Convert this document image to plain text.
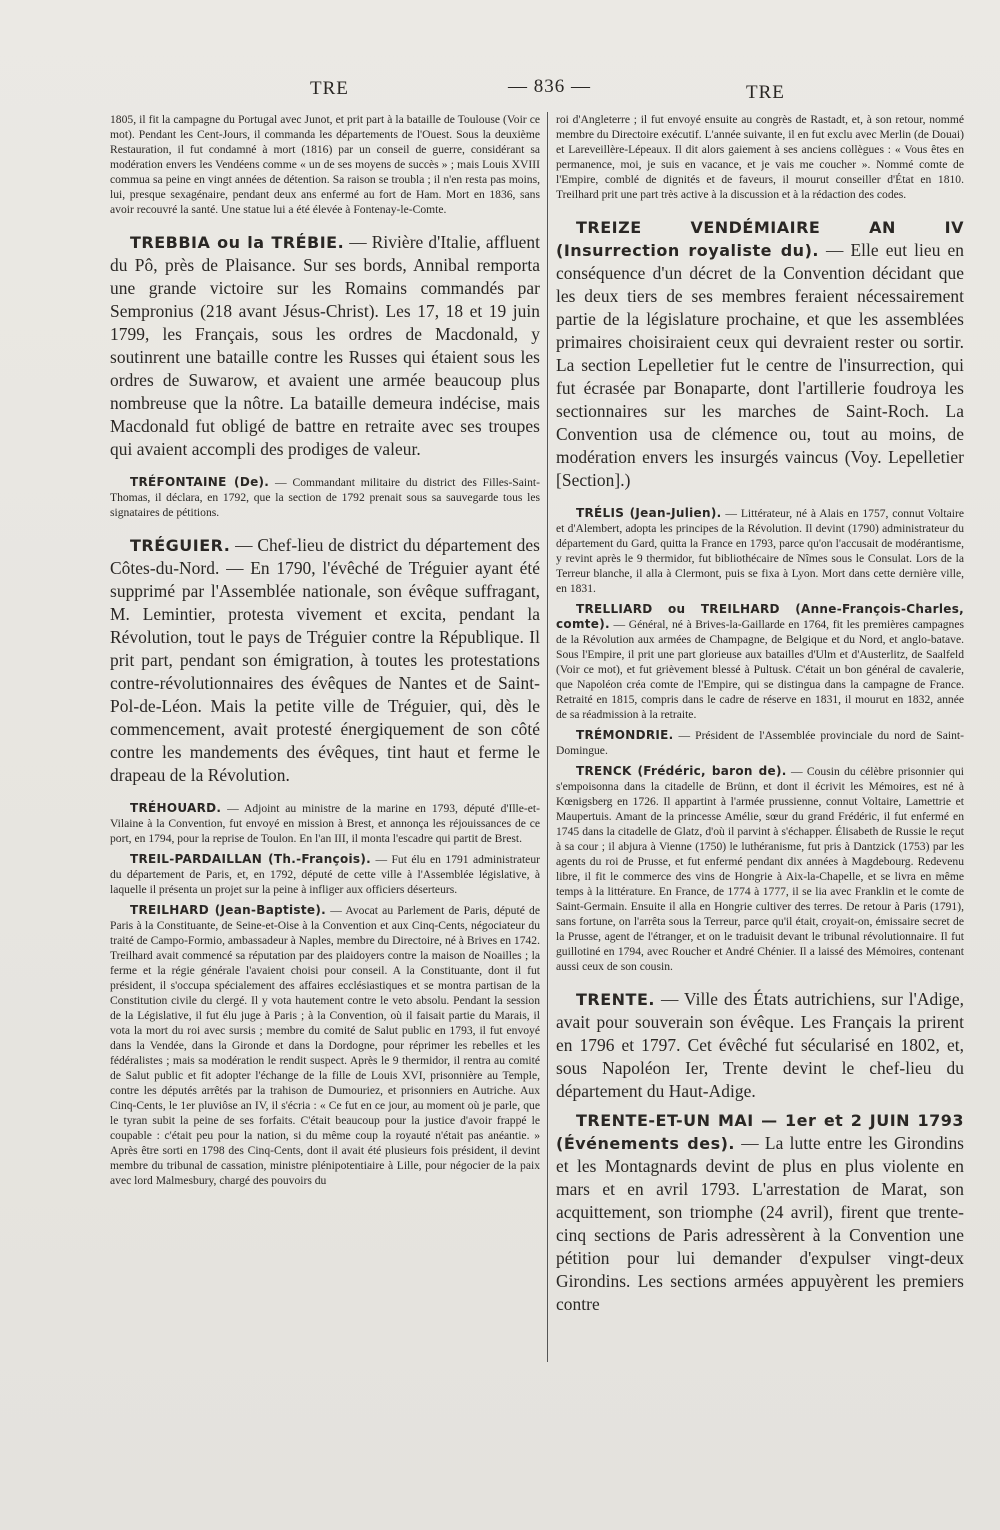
TRE	— 836 —	TRE

1805, il fit la campagne du Portugal avec Junot, et prit part à la bataille de Toulouse (Voir ce mot). Pendant les Cent-Jours, il commanda les départements de l'Ouest. Sous la deuxième Restauration, il fut condamné à mort (1816) par un conseil de guerre, considérant sa modération envers les Vendéens comme « un de ses moyens de succès » ; mais Louis XVIII commua sa peine en vingt années de détention. Sa raison se troubla ; il n'en resta pas moins, lui, presque sexagénaire, pendant deux ans enfermé au fort de Ham. Mort en 1836, sans avoir recouvré la santé. Une statue lui a été élevée à Fontenay-le-Comte.

TREBBIA ou la TRÉBIE. — Rivière d'Italie, affluent du Pô, près de Plaisance. Sur ses bords, Annibal remporta une grande victoire sur les Romains commandés par Sempronius (218 avant Jésus-Christ). Les 17, 18 et 19 juin 1799, les Français, sous les ordres de Macdonald, y soutinrent une bataille contre les Russes qui étaient sous les ordres de Suwarow, et avaient une armée beaucoup plus nombreuse que la nôtre. La bataille demeura indécise, mais Macdonald fut obligé de battre en retraite avec ses troupes qui avaient accompli des prodiges de valeur.

TRÉFONTAINE (De). — Commandant militaire du district des Filles-Saint-Thomas, il déclara, en 1792, que la section de 1792 prenait sous sa sauvegarde tous les signataires de pétitions.

TRÉGUIER. — Chef-lieu de district du département des Côtes-du-Nord. — En 1790, l'évêché de Tréguier ayant été supprimé par l'Assemblée nationale, son évêque suffragant, M. Lemintier, protesta vivement et excita, pendant la Révolution, tout le pays de Tréguier contre la République. Il prit part, pendant son émigration, à toutes les protestations contre-révolutionnaires des évêques de Nantes et de Saint-Pol-de-Léon. Mais la petite ville de Tréguier, qui, dès le commencement, avait protesté énergiquement de son côté contre les mandements des évêques, tint haut et ferme le drapeau de la Révolution.

TRÉHOUARD. — Adjoint au ministre de la marine en 1793, député d'Ille-et-Vilaine à la Convention, fut envoyé en mission à Brest, et annonça les réjouissances de ce port, en 1794, pour la reprise de Toulon. En l'an III, il monta l'escadre qui partit de Brest.

TREIL-PARDAILLAN (Th.-François). — Fut élu en 1791 administrateur du département de Paris, et, en 1792, député de cette ville à l'Assemblée législative, à laquelle il présenta un projet sur la peine à infliger aux officiers déserteurs.

TREILHARD (Jean-Baptiste). — Avocat au Parlement de Paris, député de Paris à la Constituante, de Seine-et-Oise à la Convention et aux Cinq-Cents, négociateur du traité de Campo-Formio, ambassadeur à Naples, membre du Directoire, né à Brives en 1742. Treilhard avait commencé sa réputation par des plaidoyers contre la maison de Noailles ; la ferme et la régie générale l'avaient choisi pour conseil. A la Constituante, dont il fut président, il s'occupa spécialement des affaires ecclésiastiques et se montra partisan de la Constitution civile du clergé. Il y vota hautement contre le veto absolu. Pendant la session de la Législative, il fut élu juge à Paris ; à la Convention, où il faisait partie du Marais, il vota la mort du roi avec sursis ; membre du comité de Salut public en 1793, il fut envoyé dans la Vendée, dans la Gironde et dans la Dordogne, pour réprimer les rebelles et les fédéralistes ; mais sa modération le rendit suspect. Après le 9 thermidor, il rentra au comité de Salut public et fit adopter l'échange de la fille de Louis XVI, prisonnière au Temple, contre les députés arrêtés par la trahison de Dumouriez, et prisonniers en Autriche. Aux Cinq-Cents, le 1er pluviôse an IV, il s'écria : « Ce fut en ce jour, au moment où je parle, que le tyran subit la peine de ses forfaits. C'était beaucoup pour la justice d'avoir frappé le coupable : c'était peu pour la nation, si du même coup la royauté n'était pas anéantie. » Après être sorti en 1798 des Cinq-Cents, dont il avait été plusieurs fois président, il devint membre du tribunal de cassation, ministre plénipotentiaire à Lille, pour négocier de la paix avec lord Malmesbury, chargé des pouvoirs du

roi d'Angleterre ; il fut envoyé ensuite au congrès de Rastadt, et, à son retour, nommé membre du Directoire exécutif. L'année suivante, il en fut exclu avec Merlin (de Douai) et Lareveillère-Lépeaux. Il dit alors gaiement à ses anciens collègues : « Vous êtes en permanence, moi, je suis en vacance, et je vais me coucher ». Nommé comte de l'Empire, comblé de dignités et de faveurs, il mourut conseiller d'État en 1810. Treilhard prit une part très active à la discussion et à la rédaction des codes.

TREIZE VENDÉMIAIRE AN IV (Insurrection royaliste du). — Elle eut lieu en conséquence d'un décret de la Convention décidant que les deux tiers de ses membres feraient nécessairement partie de la législature prochaine, et que les assemblées primaires choisiraient ceux qui devraient rester ou sortir. La section Lepelletier fut le centre de l'insurrection, qui fut écrasée par Bonaparte, dont l'artillerie foudroya les sectionnaires sur les marches de Saint-Roch. La Convention usa de clémence ou, tout au moins, de modération envers les insurgés vaincus (Voy. Lepelletier [Section].)

TRÉLIS (Jean-Julien). — Littérateur, né à Alais en 1757, connut Voltaire et d'Alembert, adopta les principes de la Révolution. Il devint (1790) administrateur du département du Gard, quitta la France en 1793, parce qu'on l'accusait de modérantisme, y revint après le 9 thermidor, fut bibliothécaire de Nîmes sous le Consulat. Lors de la Terreur blanche, il alla à Clermont, puis se fixa à Lyon. Mort dans cette dernière ville, en 1831.

TRELLIARD ou TREILHARD (Anne-François-Charles, comte). — Général, né à Brives-la-Gaillarde en 1764, fit les premières campagnes de la Révolution aux armées de Champagne, de Belgique et du Nord, et anglo-batave. Sous l'Empire, il prit une part glorieuse aux batailles d'Ulm et d'Austerlitz, de Saalfeld (Voir ce mot), et fut grièvement blessé à Pultusk. C'était un bon général de cavalerie, que Napoléon créa comte de l'Empire, qui se distingua dans la campagne de France. Retraité en 1815, compris dans le cadre de réserve en 1831, il mourut en 1832, année de sa réadmission à la retraite.

TRÉMONDRIE. — Président de l'Assemblée provinciale du nord de Saint-Domingue.

TRENCK (Frédéric, baron de). — Cousin du célèbre prisonnier qui s'empoisonna dans la citadelle de Brünn, et dont il écrivit les Mémoires, est né à Kœnigsberg en 1726. Il appartint à l'armée prussienne, connut Voltaire, Lamettrie et Maupertuis. Amant de la princesse Amélie, sœur du grand Frédéric, il fut enfermé en 1745 dans la citadelle de Glatz, d'où il parvint à s'échapper. Élisabeth de Russie le reçut à sa cour ; il abjura à Vienne (1750) le luthéranisme, fut pris à Dantzick (1753) par les agents du roi de Prusse, et fut enfermé pendant dix années à Magdebourg. Redevenu libre, il fit le commerce des vins de Hongrie à Aix-la-Chapelle, et se livra en même temps à la littérature. En France, de 1774 à 1777, il se lia avec Franklin et le comte de Saint-Germain. Ensuite il alla en Hongrie cultiver des terres. De retour à Paris (1791), sans fortune, on l'arrêta sous la Terreur, parce qu'il était, croyait-on, émissaire secret de la Prusse, agent de l'étranger, et on le traduisit devant le tribunal révolutionnaire. Il fut guillotiné en 1794, avec Roucher et André Chénier. Il a laissé des Mémoires, contenant aussi ceux de son cousin.

TRENTE. — Ville des États autrichiens, sur l'Adige, avait pour souverain son évêque. Les Français la prirent en 1796 et 1797. Cet évêché fut sécularisé en 1802, et, sous Napoléon Ier, Trente devint le chef-lieu du département du Haut-Adige.

TRENTE-ET-UN MAI — 1er et 2 JUIN 1793 (Événements des). — La lutte entre les Girondins et les Montagnards devint de plus en plus violente en mars et en avril 1793. L'arrestation de Marat, son acquittement, son triomphe (24 avril), firent que trente-cinq sections de Paris adressèrent à la Convention une pétition pour lui demander d'expulser vingt-deux Girondins. Les sections armées appuyèrent les premiers contre
